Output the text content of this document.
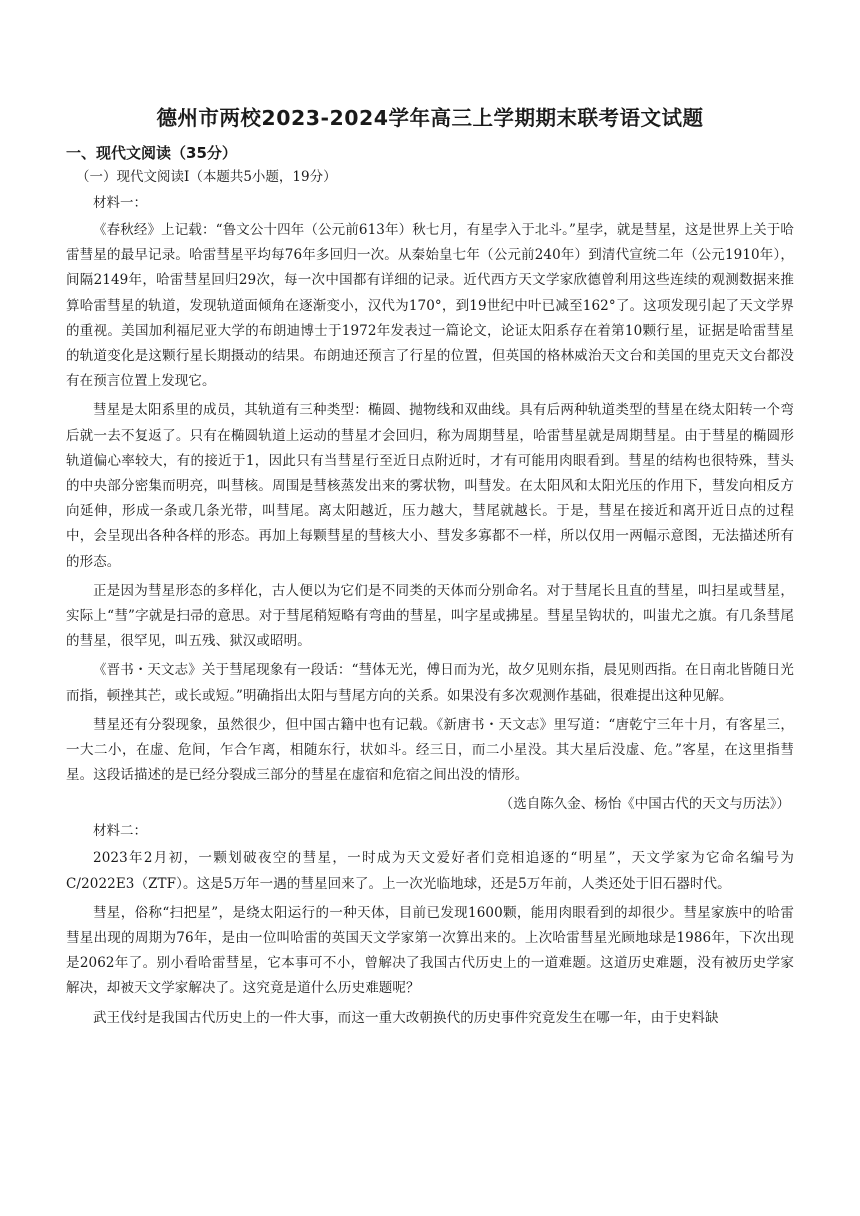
德州市两校2023-2024学年高三上学期期末联考语文试题
一、现代文阅读（35分）
（一）现代文阅读Ⅰ（本题共5小题，19分）

材料一：

《春秋经》上记载：“鲁文公十四年（公元前613年）秋七月，有星孛入于北斗。”星孛，就是彗星，这是世界上关于哈雷彗星的最早记录。哈雷彗星平均每76年多回归一次。从秦始皇七年（公元前240年）到清代宣统二年（公元1910年），间隔2149年，哈雷彗星回归29次，每一次中国都有详细的记录。近代西方天文学家欣德曾利用这些连续的观测数据来推算哈雷彗星的轨道，发现轨道面倾角在逐渐变小，汉代为170°，到19世纪中叶已减至162°了。这项发现引起了天文学界的重视。美国加利福尼亚大学的布朗迪博士于1972年发表过一篇论文，论证太阳系存在着第10颗行星，证据是哈雷彗星的轨道变化是这颗行星长期摄动的结果。布朗迪还预言了行星的位置，但英国的格林威治天文台和美国的里克天文台都没有在预言位置上发现它。

彗星是太阳系里的成员，其轨道有三种类型：椭圆、抛物线和双曲线。具有后两种轨道类型的彗星在绕太阳转一个弯后就一去不复返了。只有在椭圆轨道上运动的彗星才会回归，称为周期彗星，哈雷彗星就是周期彗星。由于彗星的椭圆形轨道偏心率较大，有的接近于1，因此只有当彗星行至近日点附近时，才有可能用肉眼看到。彗星的结构也很特殊，彗头的中央部分密集而明亮，叫彗核。周围是彗核蒸发出来的雾状物，叫彗发。在太阳风和太阳光压的作用下，彗发向相反方向延伸，形成一条或几条光带，叫彗尾。离太阳越近，压力越大，彗尾就越长。于是，彗星在接近和离开近日点的过程中，会呈现出各种各样的形态。再加上每颗彗星的彗核大小、彗发多寡都不一样，所以仅用一两幅示意图，无法描述所有的形态。

正是因为彗星形态的多样化，古人便以为它们是不同类的天体而分别命名。对于彗尾长且直的彗星，叫扫星或彗星，实际上“彗”字就是扫帚的意思。对于彗尾稍短略有弯曲的彗星，叫字星或拂星。彗星呈钩状的，叫蚩尤之旗。有几条彗尾的彗星，很罕见，叫五残、狱汉或昭明。

《晋书・天文志》关于彗尾现象有一段话：“彗体无光，傅日而为光，故夕见则东指，晨见则西指。在日南北皆随日光而指，顿挫其芒，或长或短。”明确指出太阳与彗尾方向的关系。如果没有多次观测作基础，很难提出这种见解。

彗星还有分裂现象，虽然很少，但中国古籍中也有记载。《新唐书・天文志》里写道：“唐乾宁三年十月，有客星三，一大二小，在虚、危间，乍合乍离，相随东行，状如斗。经三日，而二小星没。其大星后没虚、危。”客星，在这里指彗星。这段话描述的是已经分裂成三部分的彗星在虚宿和危宿之间出没的情形。

（选自陈久金、杨怡《中国古代的天文与历法》）

材料二：

2023年2月初，一颗划破夜空的彗星，一时成为天文爱好者们竞相追逐的“明星”，天文学家为它命名编号为C/2022E3（ZTF）。这是5万年一遇的彗星回来了。上一次光临地球，还是5万年前，人类还处于旧石器时代。

彗星，俗称“扫把星”，是绕太阳运行的一种天体，目前已发现1600颗，能用肉眼看到的却很少。彗星家族中的哈雷彗星出现的周期为76年，是由一位叫哈雷的英国天文学家第一次算出来的。上次哈雷彗星光顾地球是1986年，下次出现是2062年了。别小看哈雷彗星，它本事可不小，曾解决了我国古代历史上的一道难题。这道历史难题，没有被历史学家解决，却被天文学家解决了。这究竟是道什么历史难题呢？

武王伐纣是我国古代历史上的一件大事，而这一重大改朝换代的历史事件究竟发生在哪一年，由于史料缺
